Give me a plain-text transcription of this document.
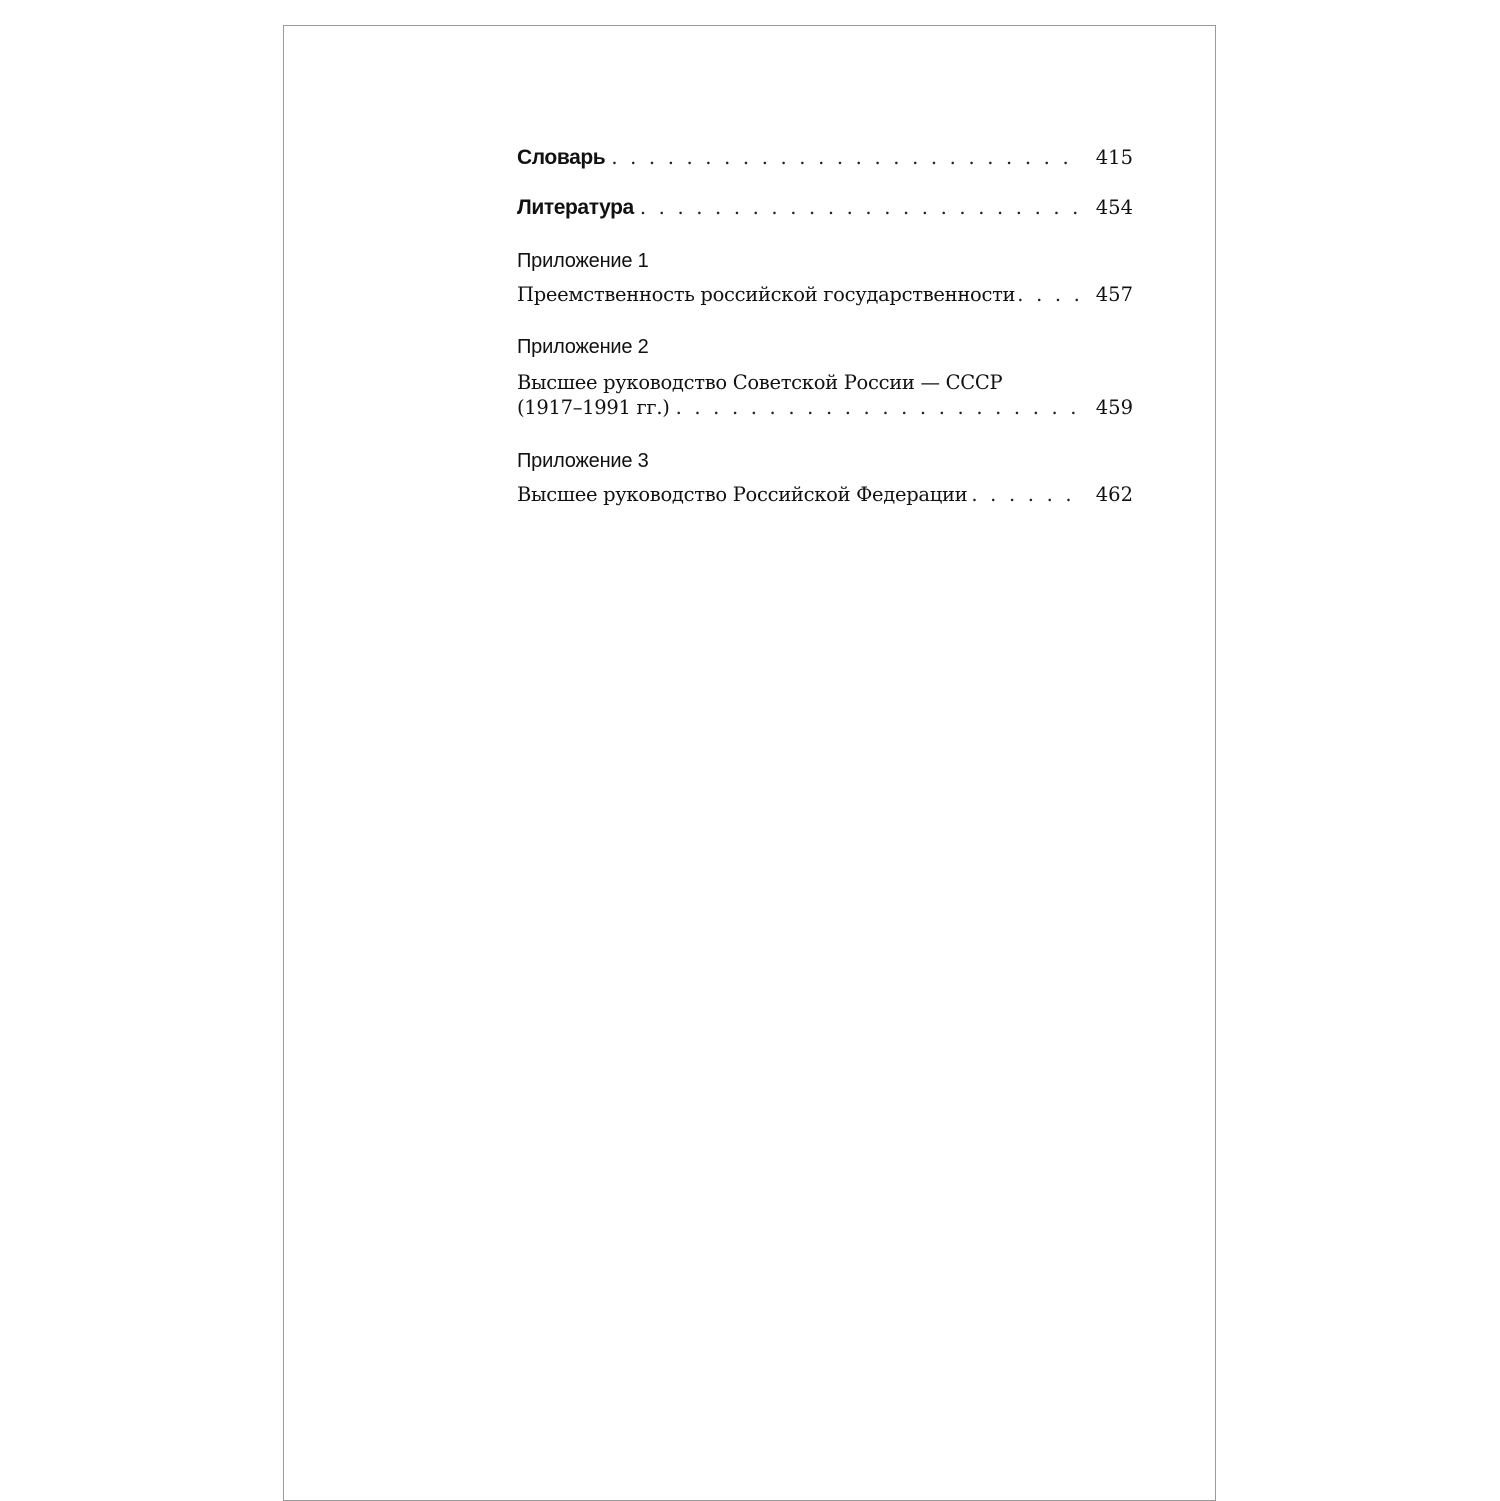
Словарь . . .	415
Литература . . .	454
Приложение 1
Преемственность российской государственности . . .	457
Приложение 2
Высшее руководство Советской России — СССР
(1917–1991 гг.) . . .	459
Приложение 3
Высшее руководство Российской Федерации . . .	462
